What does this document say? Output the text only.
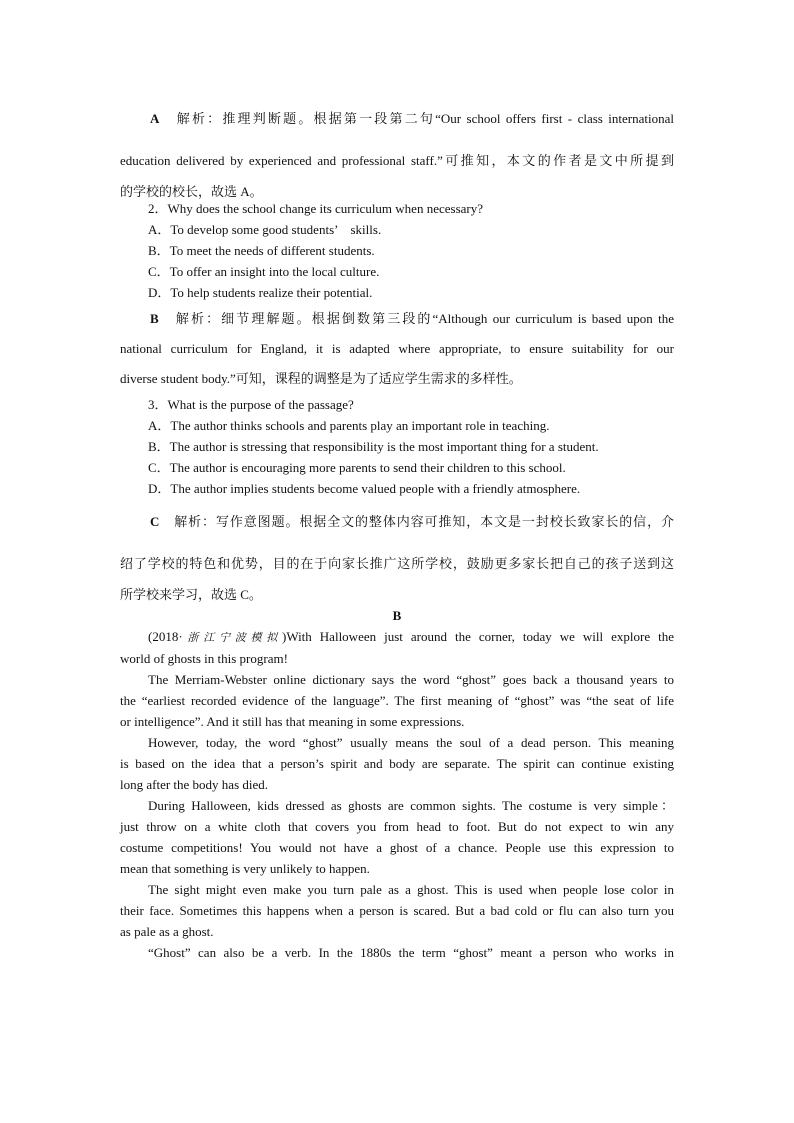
A　 解析：推理判断题。根据第一段第二句“Our school offers first - class international

education delivered by experienced and professional staff.”可推知，本文的作者是文中所提到

的学校的校长，故选 A。

2．Why does the school change its curriculum when necessary?

A．To develop some good students’　skills.

B．To meet the needs of different students.

C．To offer an insight into the local culture.

D．To help students realize their potential.

B　 解析：细节理解题。根据倒数第三段的“Although our curriculum is based upon the

national curriculum for England, it is adapted where appropriate, to ensure suitability for our

diverse student body.”可知，课程的调整是为了适应学生需求的多样性。

3．What is the purpose of the passage?

A．The author thinks schools and parents play an important role in teaching.

B．The author is stressing that responsibility is the most important thing for a student.

C．The author is encouraging more parents to send their children to this school.

D．The author implies students become valued people with a friendly atmosphere.

C　 解析：写作意图题。根据全文的整体内容可推知，本文是一封校长致家长的信，介

绍了学校的特色和优势，目的在于向家长推广这所学校，鼓励更多家长把自己的孩子送到这

所学校来学习，故选 C。

B

(2018·浙江宁波模拟)With Halloween just around the corner, today we will explore the

world of ghosts in this program!

The Merriam-Webster online dictionary says the word “ghost” goes back a thousand years to

the “earliest recorded evidence of the language”. The first meaning of “ghost” was “the seat of life

or intelligence”. And it still has that meaning in some expressions.

However, today, the word “ghost” usually means the soul of a dead person. This meaning

is based on the idea that a person’s spirit and body are separate. The spirit can continue existing

long after the body has died.

During Halloween, kids dressed as ghosts are common sights. The costume is very simple：

just throw on a white cloth that covers you from head to foot. But do not expect to win any

costume competitions! You would not have a ghost of a chance. People use this expression to

mean that something is very unlikely to happen.

The sight might even make you turn pale as a ghost. This is used when people lose color in

their face. Sometimes this happens when a person is scared. But a bad cold or flu can also turn you

as pale as a ghost.

“Ghost” can also be a verb. In the 1880s the term “ghost” meant a person who works in
